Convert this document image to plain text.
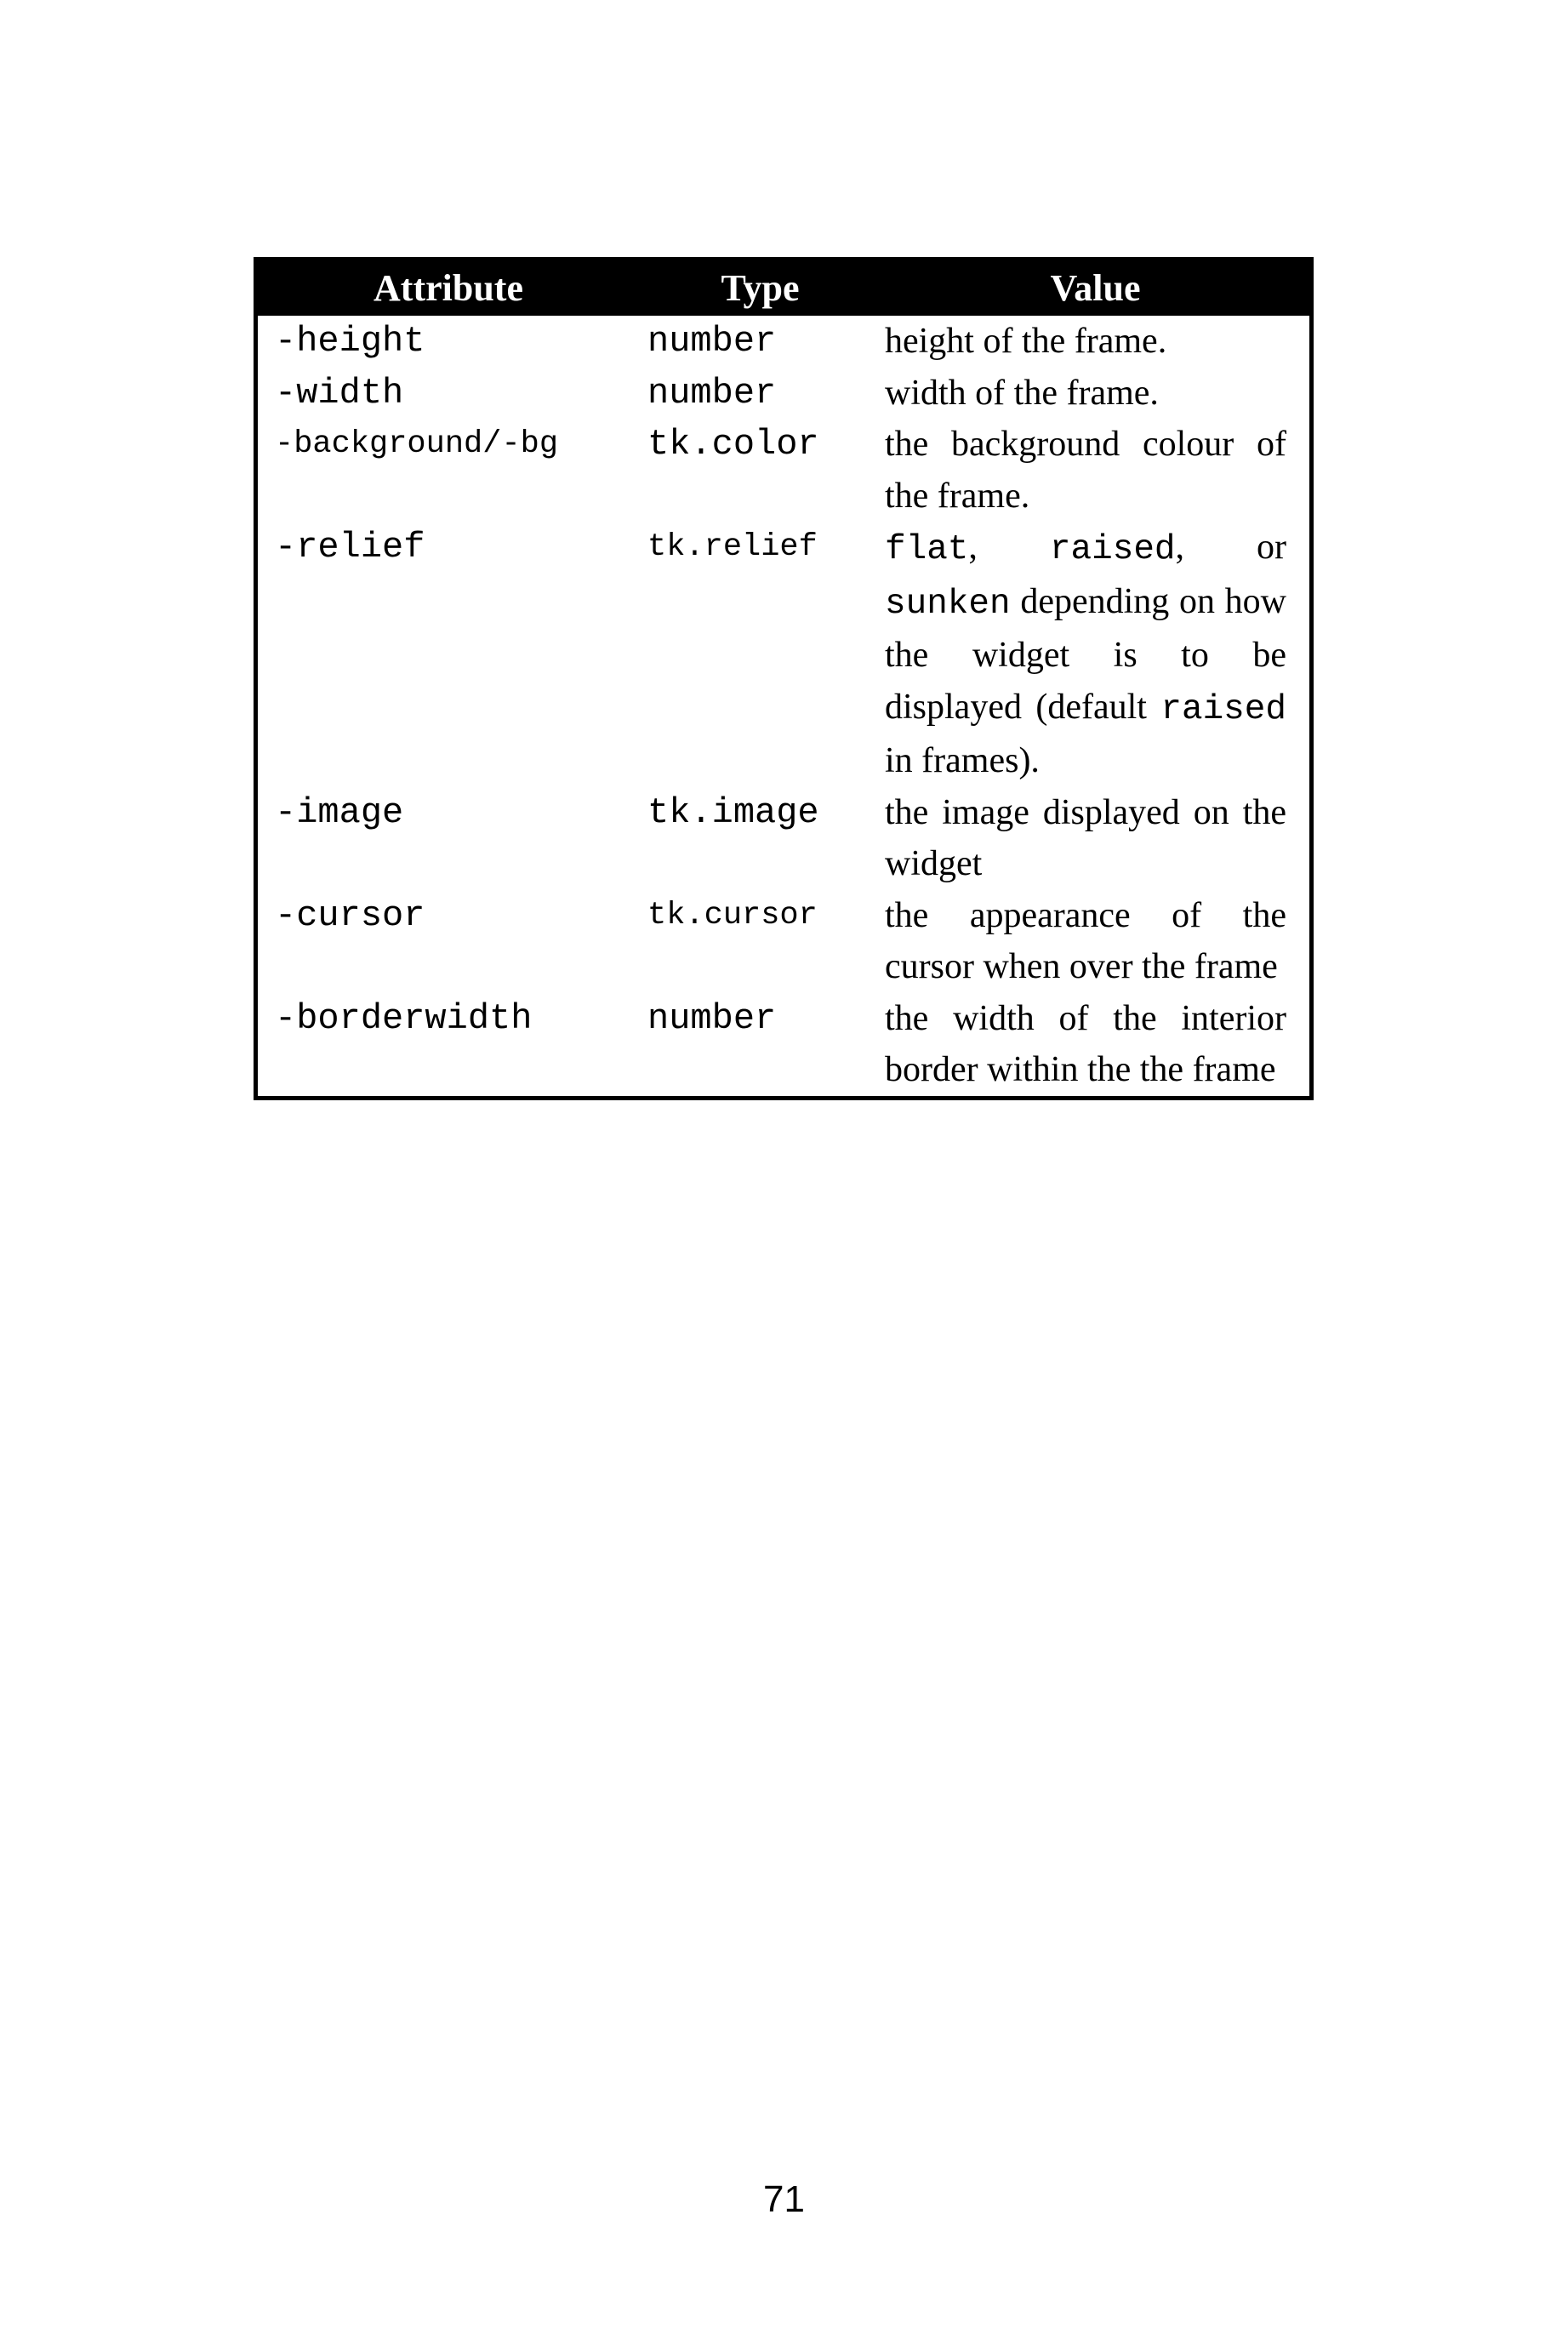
Attribute	Type	Value
-height	number	height of the frame.
-width	number	width of the frame.
-background/-bg	tk.color	the background colour of the frame.
-relief	tk.relief	flat, raised, or sunken depending on how the widget is to be displayed (default raised in frames).
-image	tk.image	the image displayed on the widget
-cursor	tk.cursor	the appearance of the cursor when over the frame
-borderwidth	number	the width of the interior border within the the frame
71
